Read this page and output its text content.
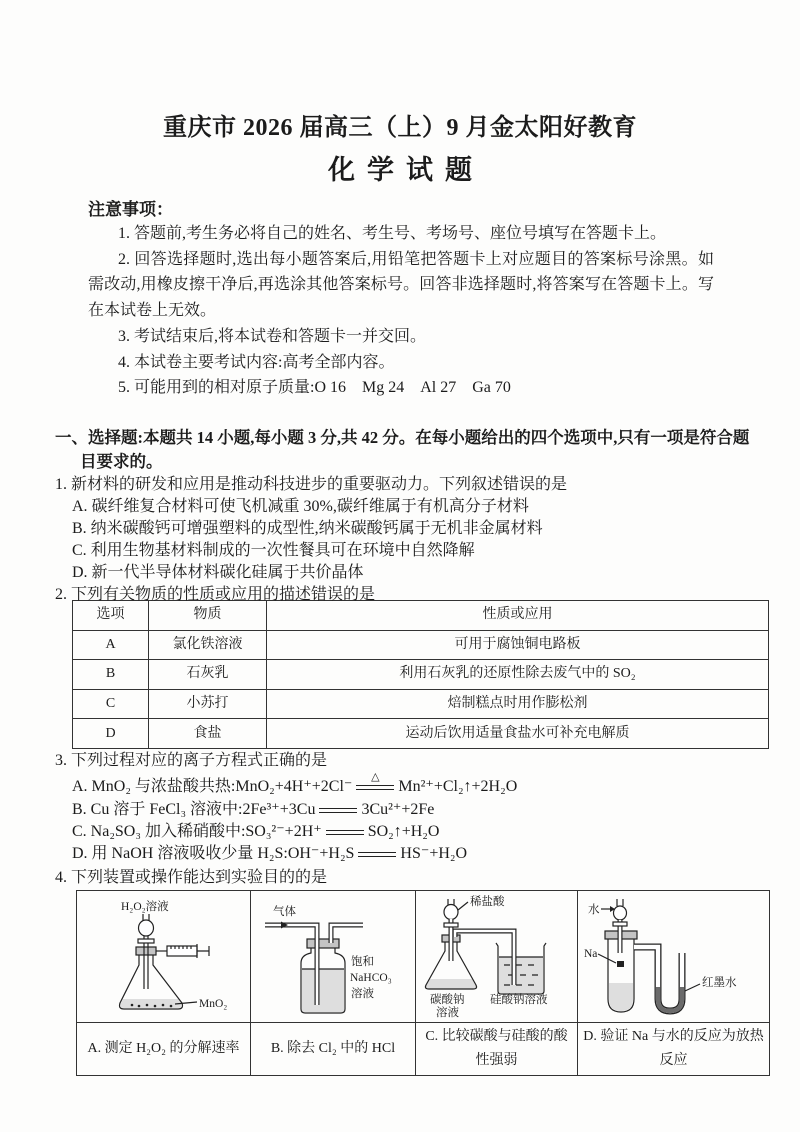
重庆市 2026 届高三（上）9 月金太阳好教育
化学试题
注意事项：

1. 答题前,考生务必将自己的姓名、考生号、考场号、座位号填写在答题卡上。

2. 回答选择题时,选出每小题答案后,用铅笔把答题卡上对应题目的答案标号涂黑。如需改动,用橡皮擦干净后,再选涂其他答案标号。回答非选择题时,将答案写在答题卡上。写在本试卷上无效。

3. 考试结束后,将本试卷和答题卡一并交回。

4. 本试卷主要考试内容:高考全部内容。

5. 可能用到的相对原子质量:O 16　Mg 24　Al 27　Ga 70

一、选择题:本题共 14 小题,每小题 3 分,共 42 分。在每小题给出的四个选项中,只有一项是符合题目要求的。
1. 新材料的研发和应用是推动科技进步的重要驱动力。下列叙述错误的是
A. 碳纤维复合材料可使飞机减重 30%,碳纤维属于有机高分子材料
B. 纳米碳酸钙可增强塑料的成型性,纳米碳酸钙属于无机非金属材料
C. 利用生物基材料制成的一次性餐具可在环境中自然降解
D. 新一代半导体材料碳化硅属于共价晶体
2. 下列有关物质的性质或应用的描述错误的是
选项	物质	性质或应用
A	氯化铁溶液	可用于腐蚀铜电路板
B	石灰乳	利用石灰乳的还原性除去废气中的 SO₂
C	小苏打	焙制糕点时用作膨松剂
D	食盐	运动后饮用适量食盐水可补充电解质
3. 下列过程对应的离子方程式正确的是
A. MnO₂ 与浓盐酸共热:MnO₂+4H⁺+2Cl⁻
△
Mn²⁺+Cl₂↑+2H₂O
B. Cu 溶于 FeCl₃ 溶液中:2Fe³⁺+3Cu	3Cu²⁺+2Fe
C. Na₂SO₃ 加入稀硝酸中:SO₃²⁻+2H⁺	SO₂↑+H₂O
D. 用 NaOH 溶液吸收少量 H₂S:OH⁻+H₂S	HS⁻+H₂O
4. 下列装置或操作能达到实验目的的是
H₂O₂溶液
MnO₂	气体
饱和
NaHCO₃
溶液	稀盐酸
碳酸钠
溶液
硅酸钠溶液	水
Na
红墨水

A. 测定 H₂O₂ 的分解速率	B. 除去 Cl₂ 中的 HCl	C. 比较碳酸与硅酸的酸性强弱	D. 验证 Na 与水的反应为放热反应
